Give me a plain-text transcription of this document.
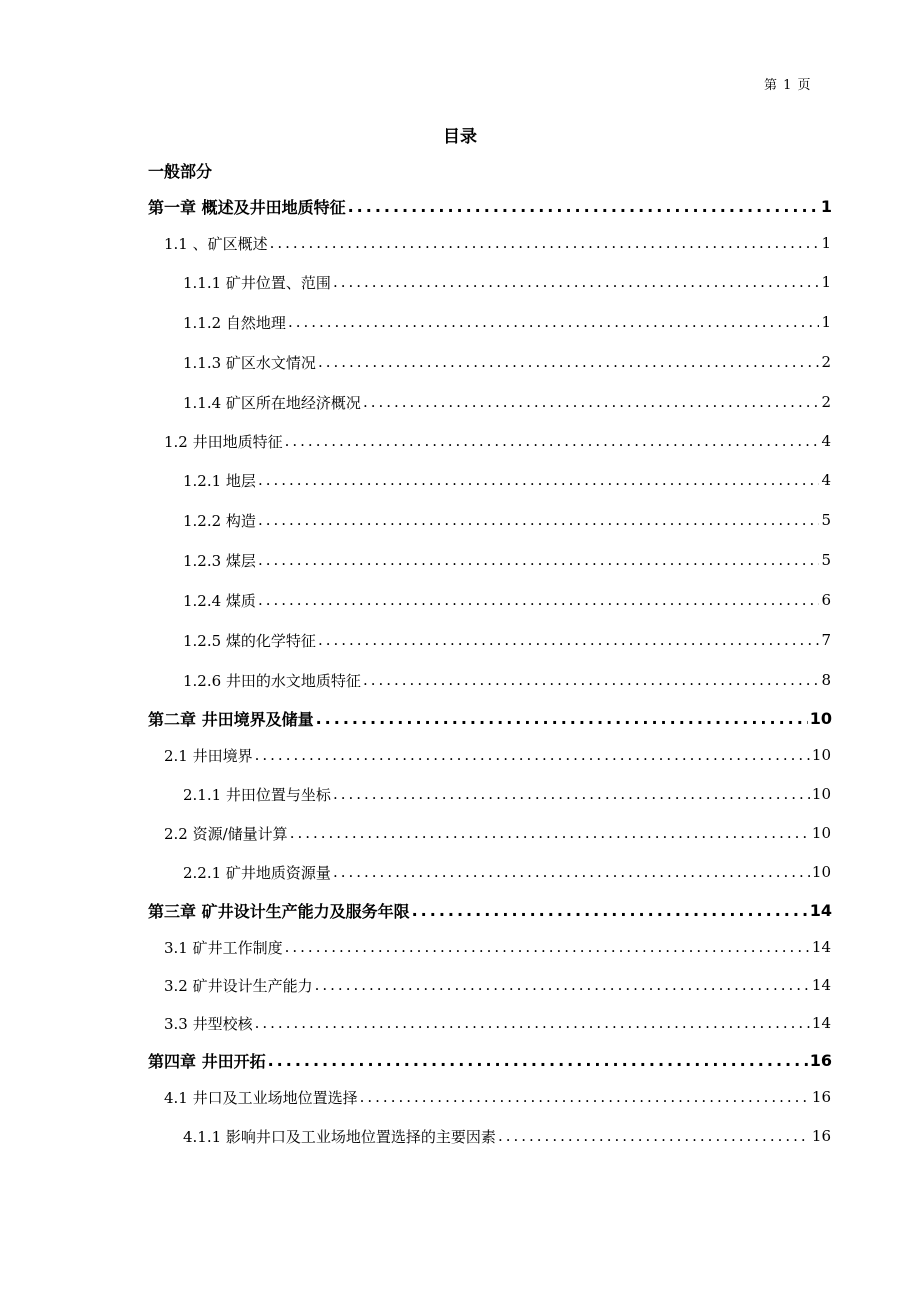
第 1 页
目录
一般部分
第一章 概述及井田地质特征 .....	1
1.1 、矿区概述 .....	1
1.1.1 矿井位置、范围 .....	1
1.1.2 自然地理 .....	1
1.1.3 矿区水文情况 .....	2
1.1.4 矿区所在地经济概况 .....	2
1.2 井田地质特征 .....	4
1.2.1 地层 .....	4
1.2.2 构造 .....	5
1.2.3 煤层 .....	5
1.2.4 煤质 .....	6
1.2.5 煤的化学特征 .....	7
1.2.6 井田的水文地质特征 .....	8
第二章 井田境界及储量 .....	10
2.1 井田境界 .....	10
2.1.1 井田位置与坐标 .....	10
2.2 资源/储量计算 .....	10
2.2.1 矿井地质资源量 .....	10
第三章 矿井设计生产能力及服务年限 .....	14
3.1 矿井工作制度 .....	14
3.2 矿井设计生产能力 .....	14
3.3 井型校核 .....	14
第四章 井田开拓 .....	16
4.1 井口及工业场地位置选择 .....	16
4.1.1 影响井口及工业场地位置选择的主要因素 .....	16
